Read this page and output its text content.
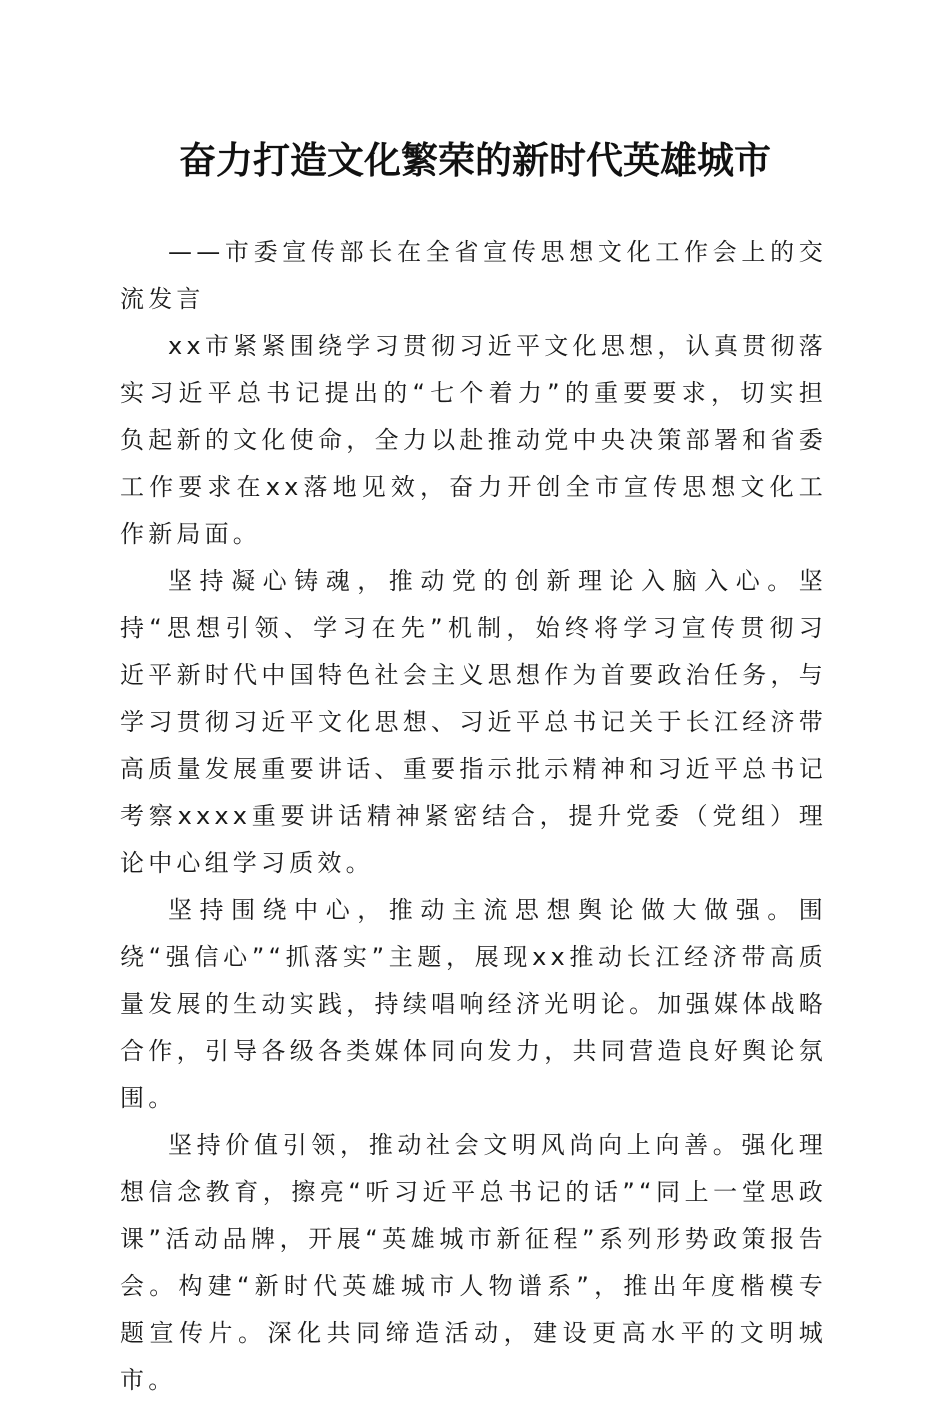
奋力打造文化繁荣的新时代英雄城市

——市委宣传部长在全省宣传思想文化工作会上的交流发言

xx市紧紧围绕学习贯彻习近平文化思想，认真贯彻落实习近平总书记提出的“七个着力”的重要要求，切实担负起新的文化使命，全力以赴推动党中央决策部署和省委工作要求在xx落地见效，奋力开创全市宣传思想文化工作新局面。

坚持凝心铸魂，推动党的创新理论入脑入心。坚持“思想引领、学习在先”机制，始终将学习宣传贯彻习近平新时代中国特色社会主义思想作为首要政治任务，与学习贯彻习近平文化思想、习近平总书记关于长江经济带高质量发展重要讲话、重要指示批示精神和习近平总书记考察xxxx重要讲话精神紧密结合，提升党委（党组）理论中心组学习质效。

坚持围绕中心，推动主流思想舆论做大做强。围绕“强信心”“抓落实”主题，展现xx推动长江经济带高质量发展的生动实践，持续唱响经济光明论。加强媒体战略合作，引导各级各类媒体同向发力，共同营造良好舆论氛围。

坚持价值引领，推动社会文明风尚向上向善。强化理想信念教育，擦亮“听习近平总书记的话”“同上一堂思政课”活动品牌，开展“英雄城市新征程”系列形势政策报告会。构建“新时代英雄城市人物谱系”，推出年度楷模专题宣传片。深化共同缔造活动，建设更高水平的文明城市。
